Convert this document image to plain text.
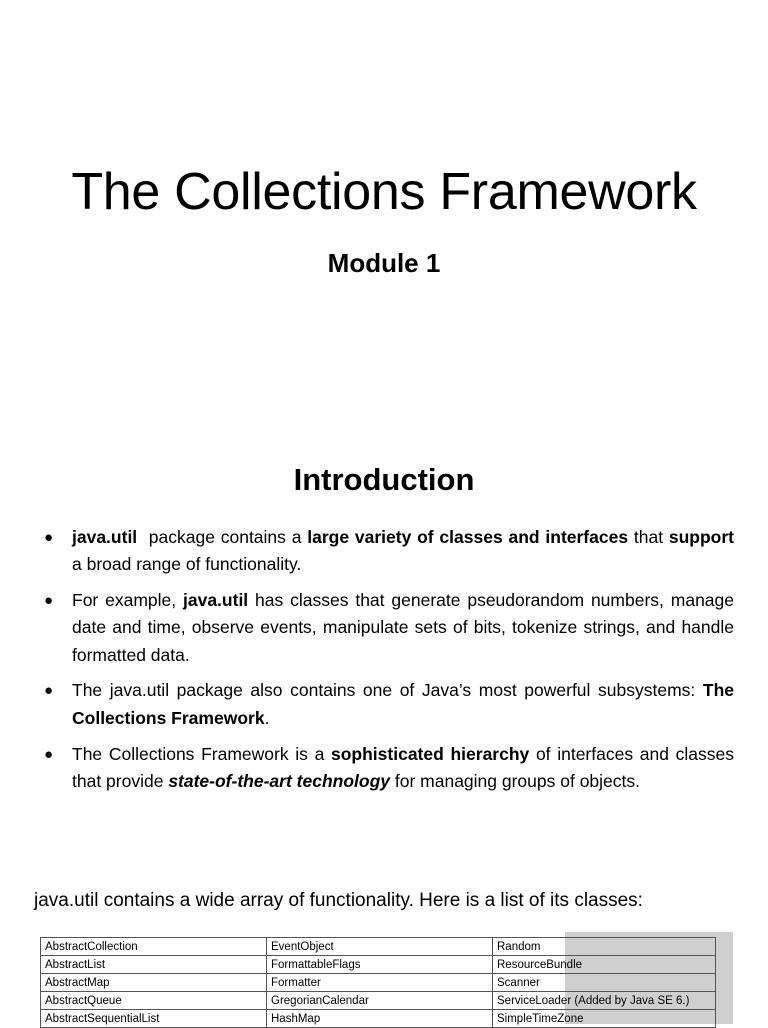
The Collections Framework
Module 1
Introduction
● java.util  package contains a large variety of classes and interfaces that support a broad range of functionality.
● For example, java.util has classes that generate pseudorandom numbers, manage date and time, observe events, manipulate sets of bits, tokenize strings, and handle formatted data.
● The java.util package also contains one of Java’s most powerful subsystems: The Collections Framework.
● The Collections Framework is a sophisticated hierarchy of interfaces and classes that provide state-of-the-art technology for managing groups of objects.
java.util contains a wide array of functionality. Here is a list of its classes:
AbstractCollection	EventObject	Random
AbstractList	FormattableFlags	ResourceBundle
AbstractMap	Formatter	Scanner
AbstractQueue	GregorianCalendar	ServiceLoader (Added by Java SE 6.)
AbstractSequentialList	HashMap	SimpleTimeZone
